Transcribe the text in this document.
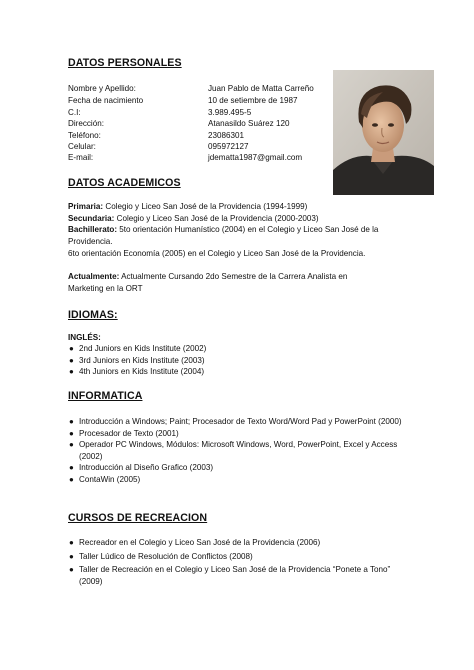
DATOS PERSONALES
Nombre y Apellido:	Juan Pablo de Matta Carreño
Fecha de nacimiento	10 de setiembre de 1987
C.I:	3.989.495-5
Dirección:	Atanasildo Suárez 120
Teléfono:	23086301
Celular:	095972127
E-mail:	jdematta1987@gmail.com
DATOS ACADEMICOS
Primaria: Colegio y Liceo San José de la Providencia (1994-1999)
Secundaria: Colegio y Liceo San José de la Providencia (2000-2003)
Bachillerato: 5to orientación Humanístico (2004) en el Colegio y Liceo San José de la Providencia.
6to orientación Economía (2005) en el Colegio y Liceo San José de la Providencia.
Actualmente: Actualmente Cursando 2do Semestre de la Carrera Analista en Marketing en la ORT
IDIOMAS:
INGLÉS:
● 2nd Juniors en Kids Institute (2002)
● 3rd Juniors en Kids Institute (2003)
● 4th Juniors en Kids Institute (2004)
INFORMATICA
● Introducción a Windows; Paint; Procesador de Texto Word/Word Pad y PowerPoint (2000)
● Procesador de Texto (2001)
● Operador PC Windows, Módulos: Microsoft Windows, Word, PowerPoint, Excel y Access (2002)
● Introducción al Diseño Grafico (2003)
● ContaWin (2005)
CURSOS DE RECREACION
● Recreador en el Colegio y Liceo San José de la Providencia (2006)
● Taller Lúdico de Resolución de Conflictos (2008)
● Taller de Recreación en el Colegio y Liceo San José de la Providencia “Ponete a Tono” (2009)
